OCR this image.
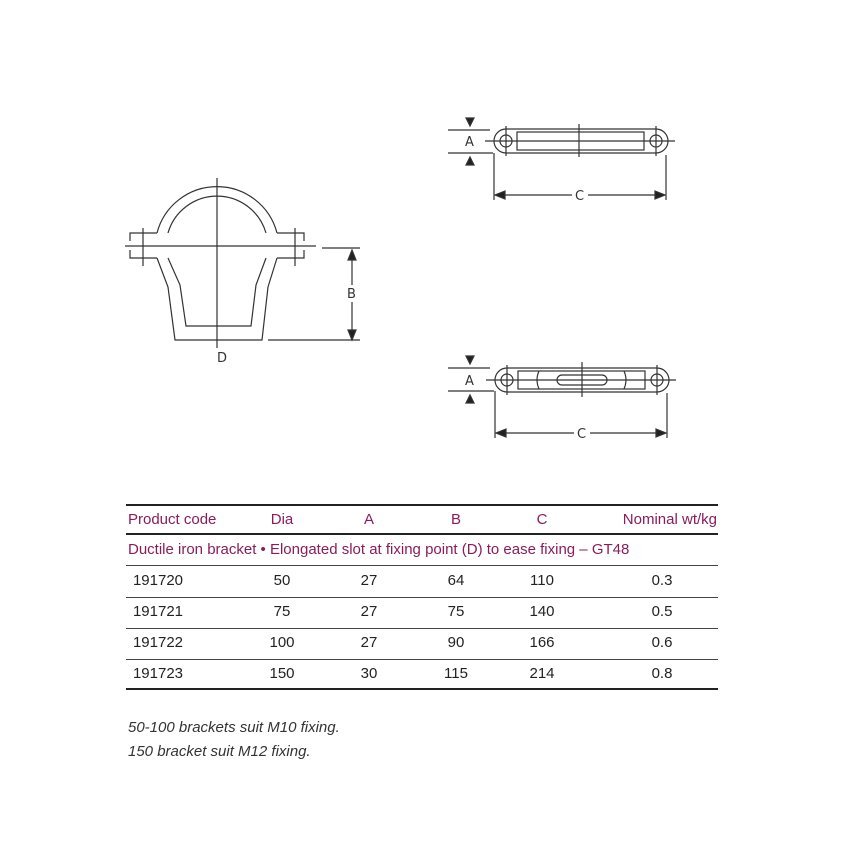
B
D
A
C
A
C
Product code	Dia	A	B	C	Nominal wt/kg
Ductile iron bracket • Elongated slot at fixing point (D) to ease fixing – GT48
191720	50	27	64	110	0.3
191721	75	27	75	140	0.5
191722	100	27	90	166	0.6
191723	150	30	115	214	0.8
50-100 brackets suit M10 fixing.
150 bracket suit M12 fixing.
